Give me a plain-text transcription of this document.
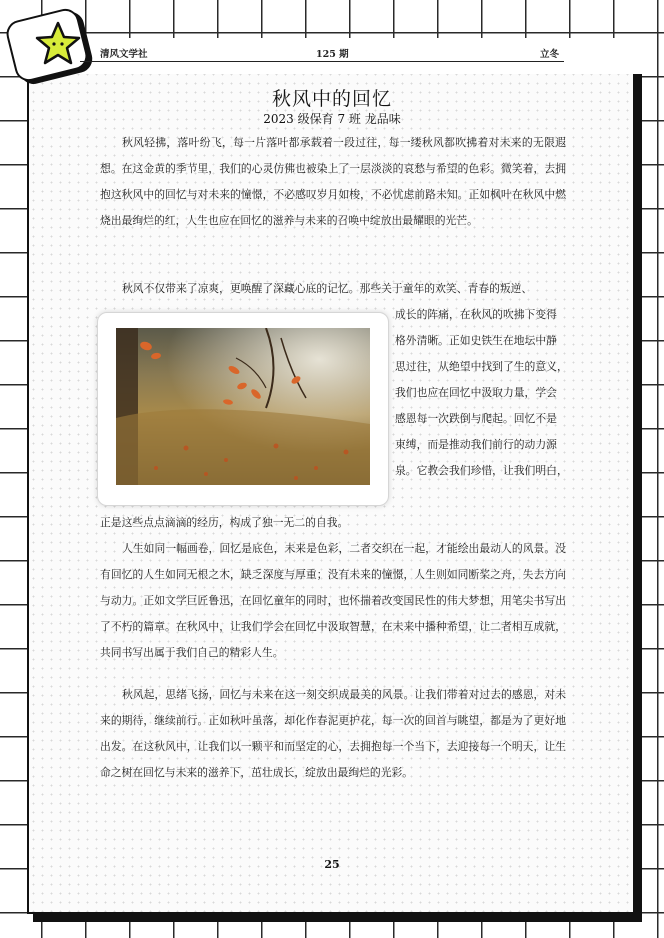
清风文学社	125 期	立冬
秋风中的回忆
2023 级保育 7 班 龙品味

秋风轻拂，落叶纷飞，每一片落叶都承载着一段过往，每一缕秋风都吹拂着对未来的无限遐想。在这金黄的季节里，我们的心灵仿佛也被染上了一层淡淡的哀愁与希望的色彩。微笑着，去拥抱这秋风中的回忆与对未来的憧憬，不必感叹岁月如梭，不必忧虑前路未知。正如枫叶在秋风中燃烧出最绚烂的红，人生也应在回忆的滋养与未来的召唤中绽放出最耀眼的光芒。

秋风不仅带来了凉爽，更唤醒了深藏心底的记忆。那些关于童年的欢笑、青春的叛逆、

成长的阵痛，在秋风的吹拂下变得
格外清晰。正如史铁生在地坛中静
思过往，从绝望中找到了生的意义，
我们也应在回忆中汲取力量，学会
感恩每一次跌倒与爬起。回忆不是
束缚，而是推动我们前行的动力源
泉。它教会我们珍惜，让我们明白，

正是这些点点滴滴的经历，构成了独一无二的自我。

人生如同一幅画卷，回忆是底色，未来是色彩，二者交织在一起，才能绘出最动人的风景。没有回忆的人生如同无根之木，缺乏深度与厚重；没有未来的憧憬，人生则如同断桨之舟，失去方向与动力。正如文学巨匠鲁迅，在回忆童年的同时，也怀揣着改变国民性的伟大梦想，用笔尖书写出了不朽的篇章。在秋风中，让我们学会在回忆中汲取智慧，在未来中播种希望，让二者相互成就，共同书写出属于我们自己的精彩人生。

秋风起，思绪飞扬，回忆与未来在这一刻交织成最美的风景。让我们带着对过去的感恩，对未来的期待，继续前行。正如秋叶虽落，却化作春泥更护花，每一次的回首与眺望，都是为了更好地出发。在这秋风中，让我们以一颗平和而坚定的心，去拥抱每一个当下，去迎接每一个明天，让生命之树在回忆与未来的滋养下，茁壮成长，绽放出最绚烂的光彩。

25
